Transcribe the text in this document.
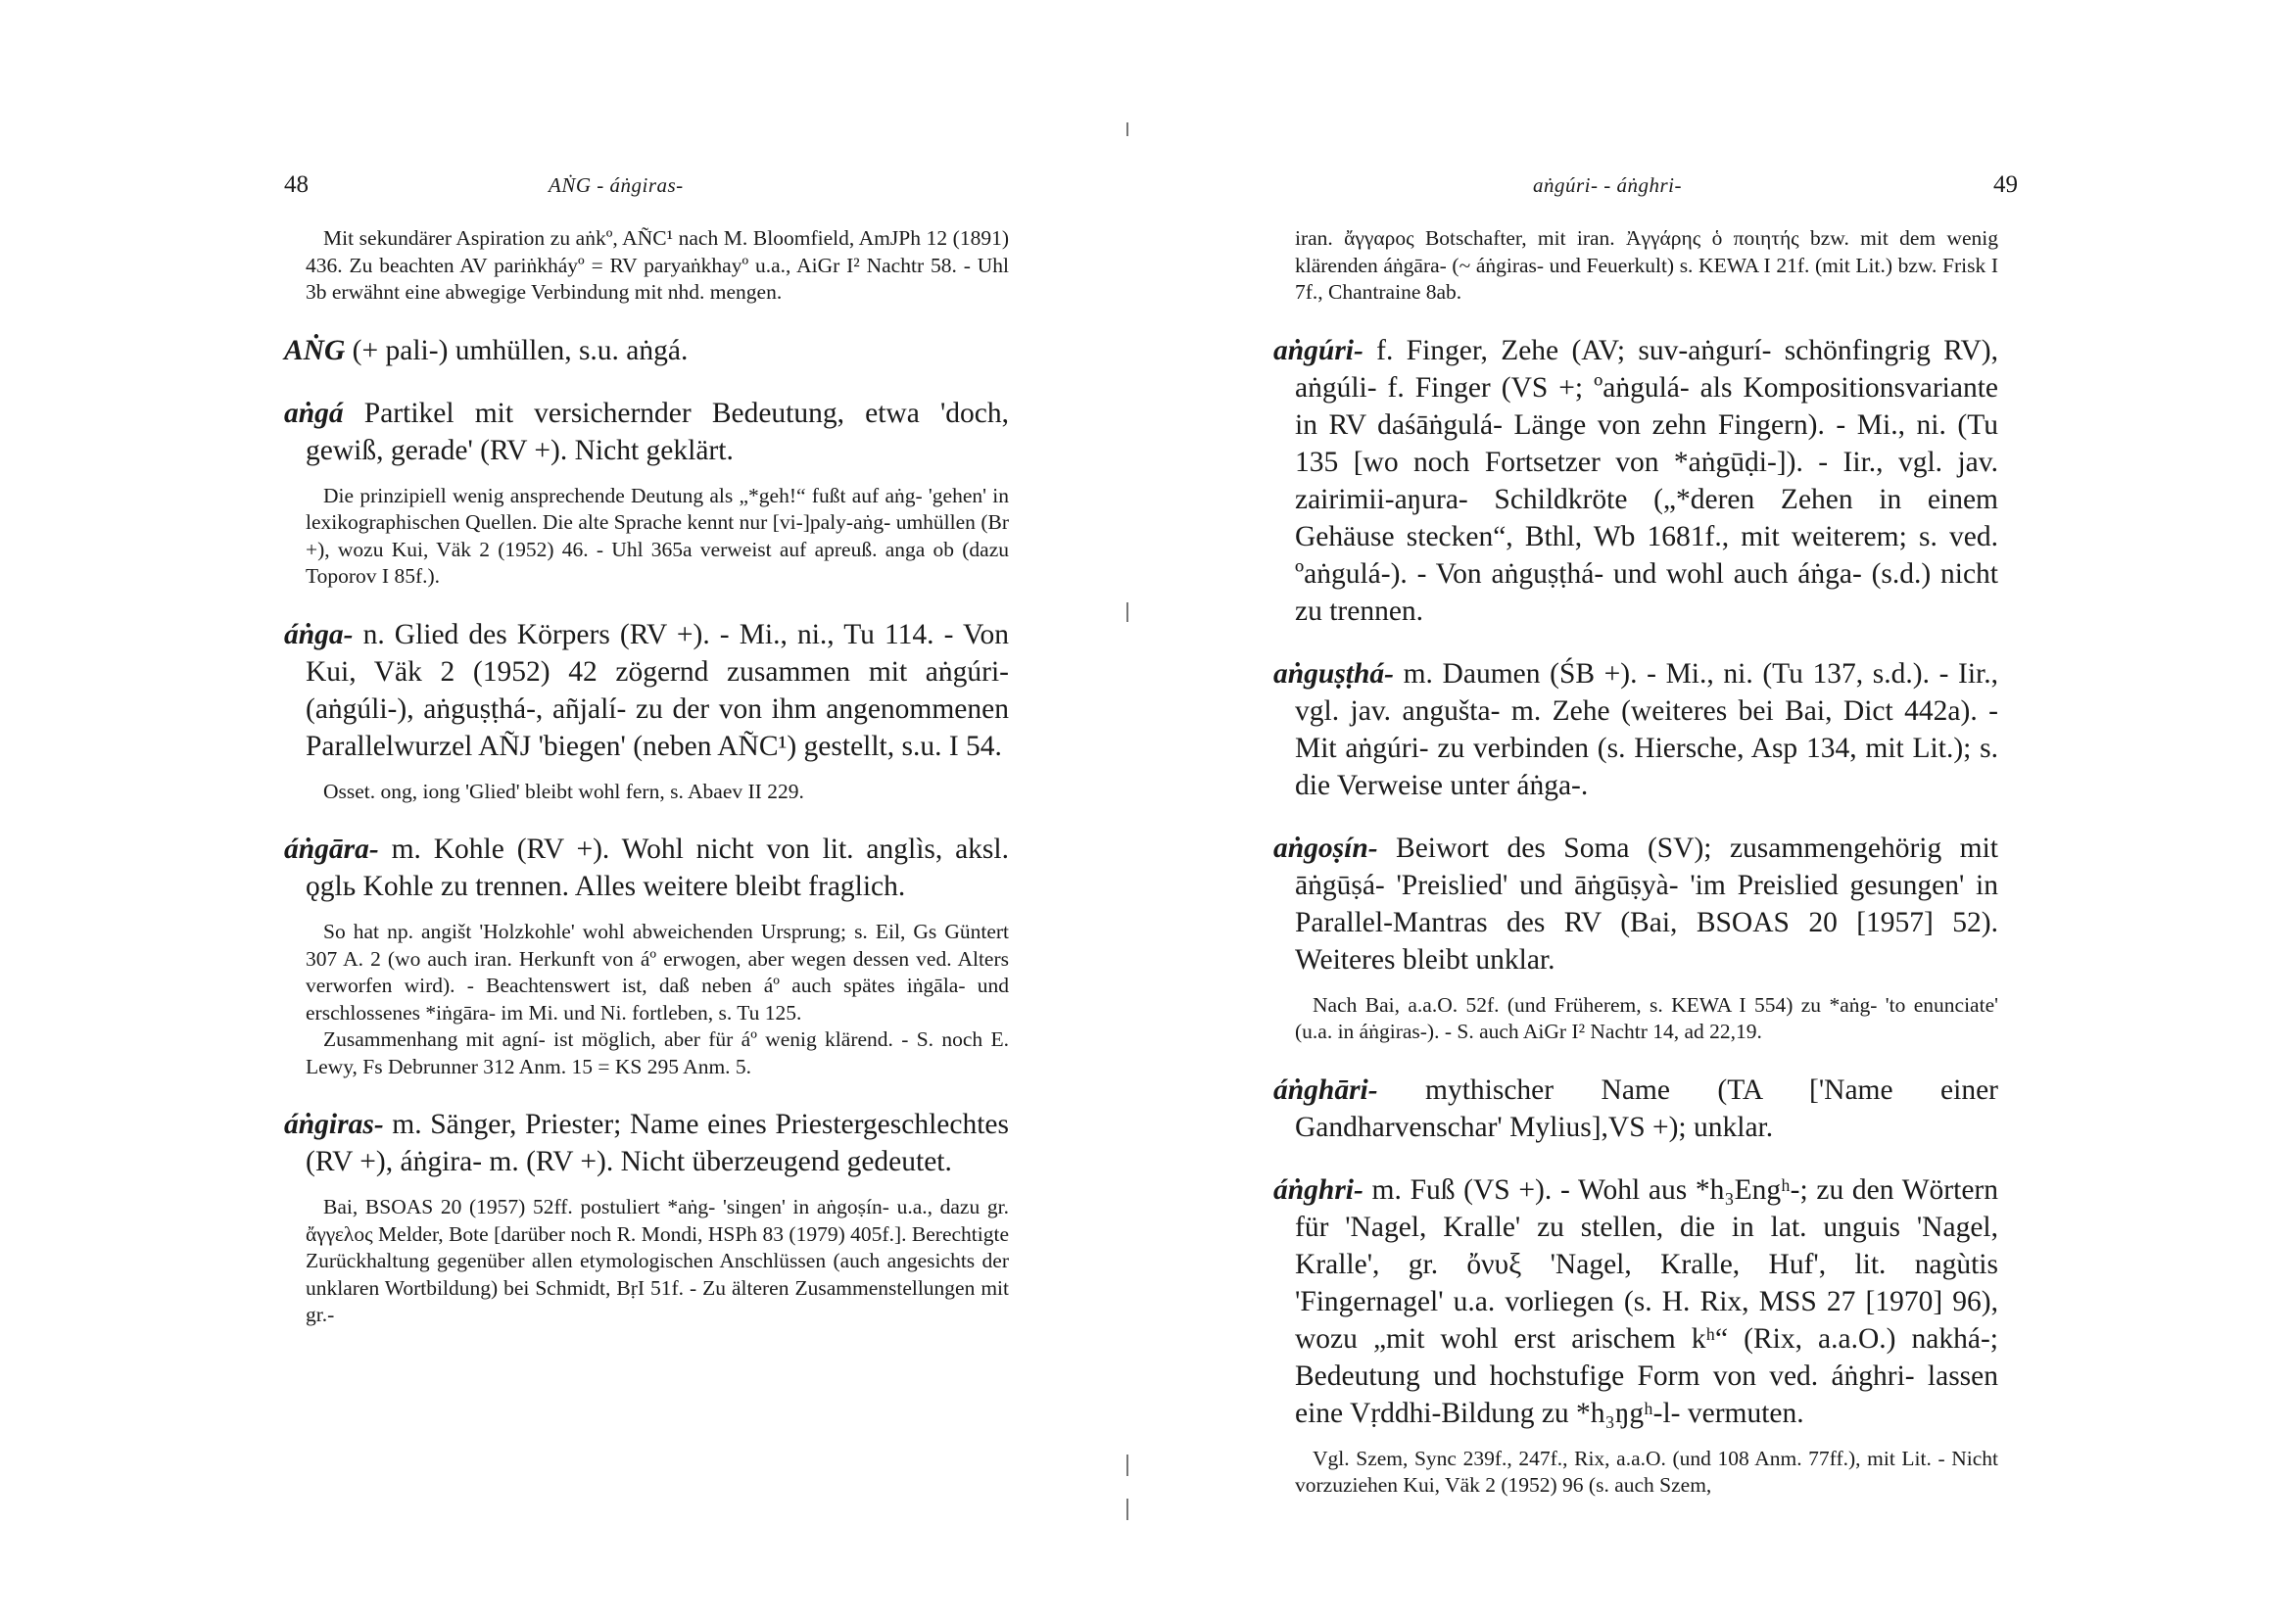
48	AṄG - áṅgiras-

Mit sekundärer Aspiration zu aṅkº, AÑC¹ nach M. Bloomfield, AmJPh 12 (1891) 436. Zu beachten AV pariṅkháyº = RV paryaṅkhayº u.a., AiGr I² Nachtr 58. - Uhl 3b erwähnt eine abwegige Verbindung mit nhd. mengen.

AṄG (+ pali-) umhüllen, s.u. aṅgá.

aṅgá Partikel mit versichernder Bedeutung, etwa 'doch, gewiß, gerade' (RV +). Nicht geklärt.

Die prinzipiell wenig ansprechende Deutung als „*geh!“ fußt auf aṅg- 'gehen' in lexikographischen Quellen. Die alte Sprache kennt nur [vi-]paly-aṅg- umhüllen (Br +), wozu Kui, Väk 2 (1952) 46. - Uhl 365a verweist auf apreuß. anga ob (dazu Toporov I 85f.).

áṅga- n. Glied des Körpers (RV +). - Mi., ni., Tu 114. - Von Kui, Väk 2 (1952) 42 zögernd zusammen mit aṅgúri- (aṅgúli-), aṅguṣṭhá-, añjalí- zu der von ihm angenommenen Parallelwurzel AÑJ 'biegen' (neben AÑC¹) gestellt, s.u. I 54.

Osset. ong, iong 'Glied' bleibt wohl fern, s. Abaev II 229.

áṅgāra- m. Kohle (RV +). Wohl nicht von lit. anglìs, aksl. ǫglь Kohle zu trennen. Alles weitere bleibt fraglich.

So hat np. angišt 'Holzkohle' wohl abweichenden Ursprung; s. Eil, Gs Güntert 307 A. 2 (wo auch iran. Herkunft von áº erwogen, aber wegen dessen ved. Alters verworfen wird). - Beachtenswert ist, daß neben áº auch spätes iṅgāla- und erschlossenes *iṅgāra- im Mi. und Ni. fortleben, s. Tu 125.

Zusammenhang mit agní- ist möglich, aber für áº wenig klärend. - S. noch E. Lewy, Fs Debrunner 312 Anm. 15 = KS 295 Anm. 5.

áṅgiras- m. Sänger, Priester; Name eines Priestergeschlechtes (RV +), áṅgira- m. (RV +). Nicht überzeugend gedeutet.

Bai, BSOAS 20 (1957) 52ff. postuliert *aṅg- 'singen' in aṅgoṣín- u.a., dazu gr. ἄγγελος Melder, Bote [darüber noch R. Mondi, HSPh 83 (1979) 405f.]. Berechtigte Zurückhaltung gegenüber allen etymologischen Anschlüssen (auch angesichts der unklaren Wortbildung) bei Schmidt, BṛI 51f. - Zu älteren Zusammenstellungen mit gr.-

aṅgúri- - áṅghri-	49

iran. ἄγγαρος Botschafter, mit iran. Ἀγγάρης ὁ ποιητής bzw. mit dem wenig klärenden áṅgāra- (~ áṅgiras- und Feuerkult) s. KEWA I 21f. (mit Lit.) bzw. Frisk I 7f., Chantraine 8ab.

aṅgúri- f. Finger, Zehe (AV; suv-aṅgurí- schönfingrig RV), aṅgúli- f. Finger (VS +; ºaṅgulá- als Kompositionsvariante in RV daśāṅgulá- Länge von zehn Fingern). - Mi., ni. (Tu 135 [wo noch Fortsetzer von *aṅgūḍi-]). - Iir., vgl. jav. zairimii-aŋura- Schildkröte („*deren Zehen in einem Gehäuse stecken“, Bthl, Wb 1681f., mit weiterem; s. ved. ºaṅgulá-). - Von aṅguṣṭhá- und wohl auch áṅga- (s.d.) nicht zu trennen.

aṅguṣṭhá- m. Daumen (ŚB +). - Mi., ni. (Tu 137, s.d.). - Iir., vgl. jav. angušta- m. Zehe (weiteres bei Bai, Dict 442a). - Mit aṅgúri- zu verbinden (s. Hiersche, Asp 134, mit Lit.); s. die Verweise unter áṅga-.

aṅgoṣín- Beiwort des Soma (SV); zusammengehörig mit āṅgūṣá- 'Preislied' und āṅgūṣyà- 'im Preislied gesungen' in Parallel-Mantras des RV (Bai, BSOAS 20 [1957] 52). Weiteres bleibt unklar.

Nach Bai, a.a.O. 52f. (und Früherem, s. KEWA I 554) zu *aṅg- 'to enunciate' (u.a. in áṅgiras-). - S. auch AiGr I² Nachtr 14, ad 22,19.

áṅghāri- mythischer Name (TA ['Name einer Gandharvenschar' Mylius],VS +); unklar.

áṅghri- m. Fuß (VS +). - Wohl aus *h₃Engʰ-; zu den Wörtern für 'Nagel, Kralle' zu stellen, die in lat. unguis 'Nagel, Kralle', gr. ὄνυξ 'Nagel, Kralle, Huf', lit. nagùtis 'Fingernagel' u.a. vorliegen (s. H. Rix, MSS 27 [1970] 96), wozu „mit wohl erst arischem kʰ“ (Rix, a.a.O.) nakhá-; Bedeutung und hochstufige Form von ved. áṅghri- lassen eine Vṛddhi-Bildung zu *h₃ŋgʰ-l- vermuten.

Vgl. Szem, Sync 239f., 247f., Rix, a.a.O. (und 108 Anm. 77ff.), mit Lit. - Nicht vorzuziehen Kui, Väk 2 (1952) 96 (s. auch Szem,
